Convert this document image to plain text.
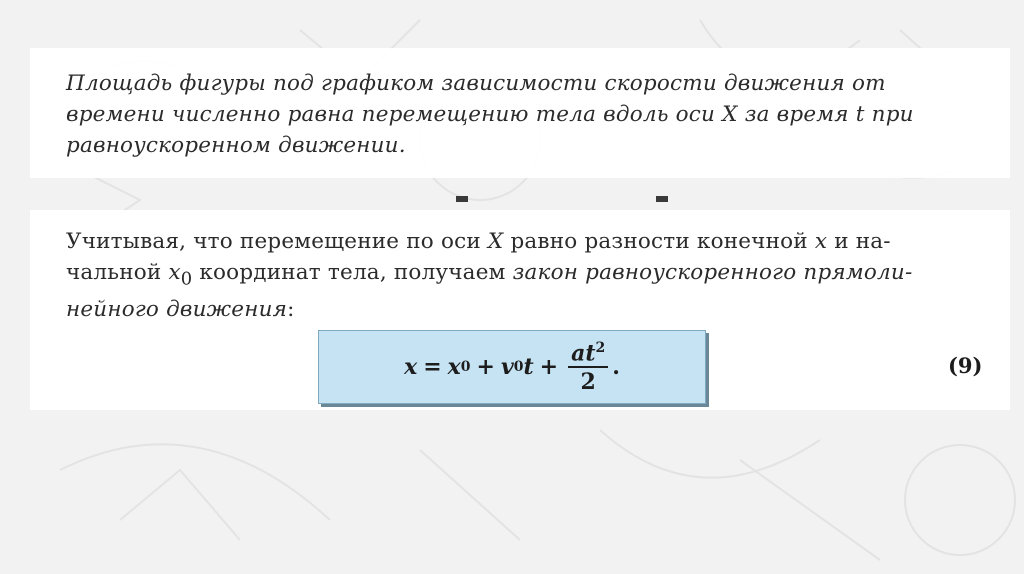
Площадь фигуры под графиком зависимости скорости движения от
времени численно равна перемещению тела вдоль оси X за время t при
равноускоренном движении.

Учитывая, что перемещение по оси X равно разности конечной x и на-
чальной $x_0$ координат тела, получаем закон равноускоренного прямоли-
нейного движения:

x = x 0 + v 0 $t + \frac{at^2}{2}$ .	(9)
